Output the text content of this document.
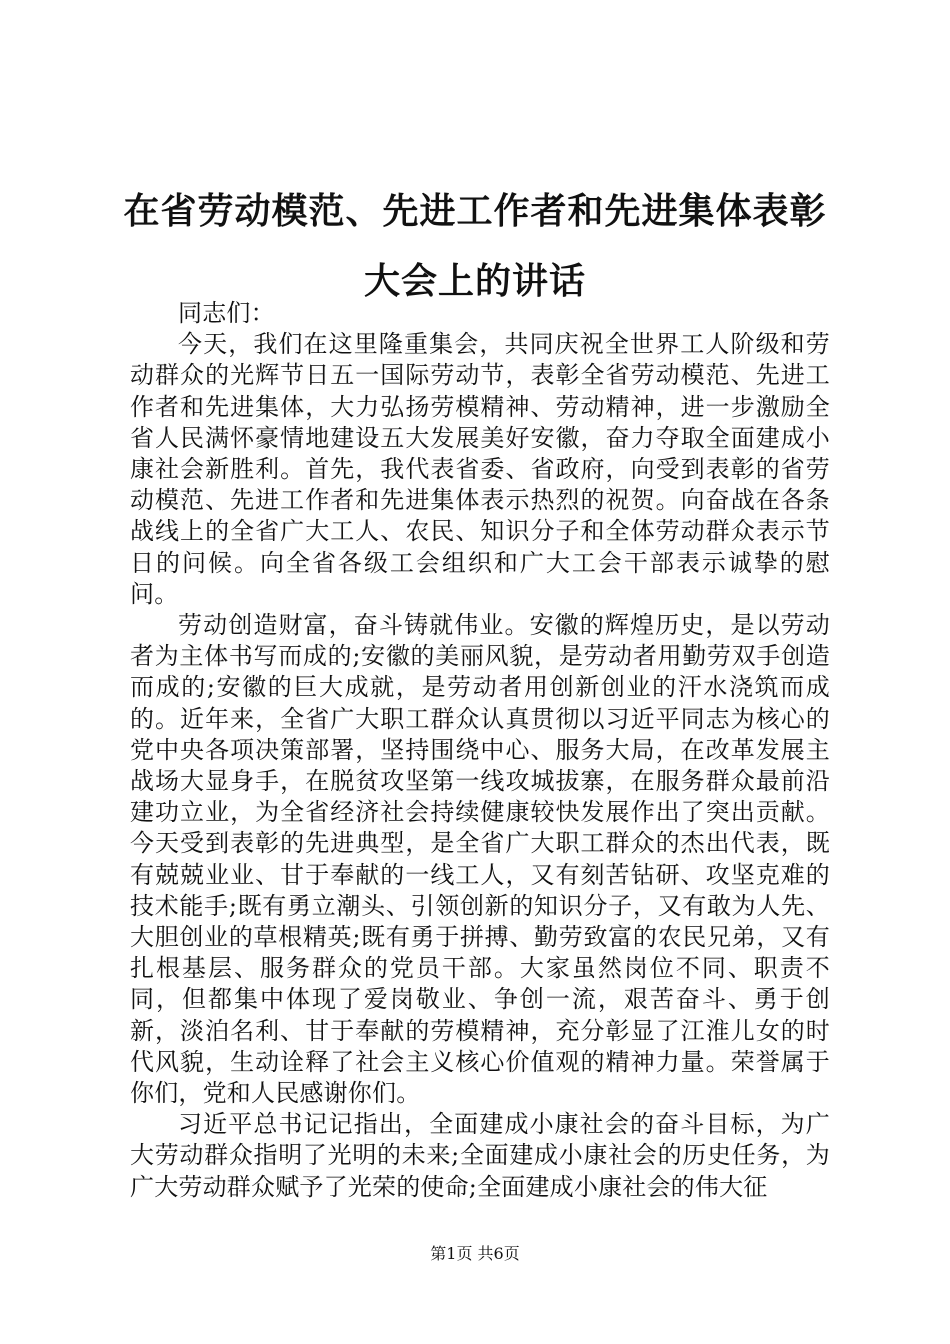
在省劳动模范、先进工作者和先进集体表彰大会上的讲话

同志们：

今天，我们在这里隆重集会，共同庆祝全世界工人阶级和劳动群众的光辉节日五一国际劳动节，表彰全省劳动模范、先进工作者和先进集体，大力弘扬劳模精神、劳动精神，进一步激励全省人民满怀豪情地建设五大发展美好安徽，奋力夺取全面建成小康社会新胜利。首先，我代表省委、省政府，向受到表彰的省劳动模范、先进工作者和先进集体表示热烈的祝贺。向奋战在各条战线上的全省广大工人、农民、知识分子和全体劳动群众表示节日的问候。向全省各级工会组织和广大工会干部表示诚挚的慰问。

劳动创造财富，奋斗铸就伟业。安徽的辉煌历史，是以劳动者为主体书写而成的;安徽的美丽风貌，是劳动者用勤劳双手创造而成的;安徽的巨大成就，是劳动者用创新创业的汗水浇筑而成的。近年来，全省广大职工群众认真贯彻以习近平同志为核心的党中央各项决策部署，坚持围绕中心、服务大局，在改革发展主战场大显身手，在脱贫攻坚第一线攻城拔寨，在服务群众最前沿建功立业，为全省经济社会持续健康较快发展作出了突出贡献。今天受到表彰的先进典型，是全省广大职工群众的杰出代表，既有兢兢业业、甘于奉献的一线工人，又有刻苦钻研、攻坚克难的技术能手;既有勇立潮头、引领创新的知识分子，又有敢为人先、大胆创业的草根精英;既有勇于拼搏、勤劳致富的农民兄弟，又有扎根基层、服务群众的党员干部。大家虽然岗位不同、职责不同，但都集中体现了爱岗敬业、争创一流，艰苦奋斗、勇于创新，淡泊名利、甘于奉献的劳模精神，充分彰显了江淮儿女的时代风貌，生动诠释了社会主义核心价值观的精神力量。荣誉属于你们，党和人民感谢你们。

习近平总书记记指出，全面建成小康社会的奋斗目标，为广大劳动群众指明了光明的未来;全面建成小康社会的历史任务，为广大劳动群众赋予了光荣的使命;全面建成小康社会的伟大征

第1页 共6页
